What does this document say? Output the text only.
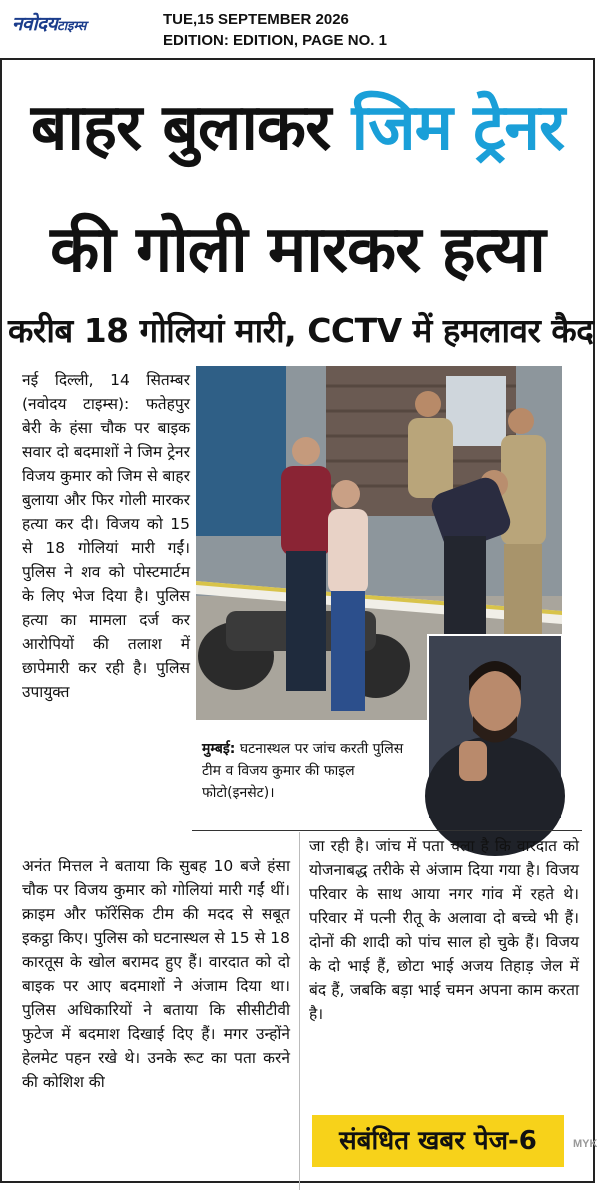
नवोदयटाइम्स	TUE,15 SEPTEMBER 2026
EDITION: EDITION, PAGE NO. 1
बाहर बुलाकर जिम ट्रेनर
की गोली मारकर हत्या
करीब 18 गोलियां मारी, CCTV में हमलावर कैद
नई दिल्ली, 14 सितम्बर (नवोदय टाइम्स): फतेहपुर बेरी के हंसा चौक पर बाइक सवार दो बदमाशों ने जिम ट्रेनर विजय कुमार को जिम से बाहर बुलाया और फिर गोली मारकर हत्या कर दी। विजय को 15 से 18 गोलियां मारी गईं। पुलिस ने शव को पोस्टमार्टम के लिए भेज दिया है। पुलिस हत्या का मामला दर्ज कर आरोपियों की तलाश में छापेमारी कर रही है। पुलिस उपायुक्त
मुम्बई: घटनास्थल पर जांच करती पुलिस टीम व विजय कुमार की फाइल फोटो(इनसेट)।
अनंत मित्तल ने बताया कि सुबह 10 बजे हंसा चौक पर विजय कुमार को गोलियां मारी गईं थीं। क्राइम और फॉरेंसिक टीम की मदद से सबूत इकट्ठा किए। पुलिस को घटनास्थल से 15 से 18 कारतूस के खोल बरामद हुए हैं। वारदात को दो बाइक पर आए बदमाशों ने अंजाम दिया था। पुलिस अधिकारियों ने बताया कि सीसीटीवी फुटेज में बदमाश दिखाई दिए हैं। मगर उन्होंने हेलमेट पहन रखे थे। उनके रूट का पता करने की कोशिश की
जा रही है। जांच में पता चला है कि वारदात को योजनाबद्ध तरीके से अंजाम दिया गया है। विजय परिवार के साथ आया नगर गांव में रहते थे। परिवार में पत्नी रीतू के अलावा दो बच्चे भी हैं। दोनों की शादी को पांच साल हो चुके हैं। विजय के दो भाई हैं, छोटा भाई अजय तिहाड़ जेल में बंद हैं, जबकि बड़ा भाई चमन अपना काम करता है।
संबंधित खबर पेज-6	MYK
